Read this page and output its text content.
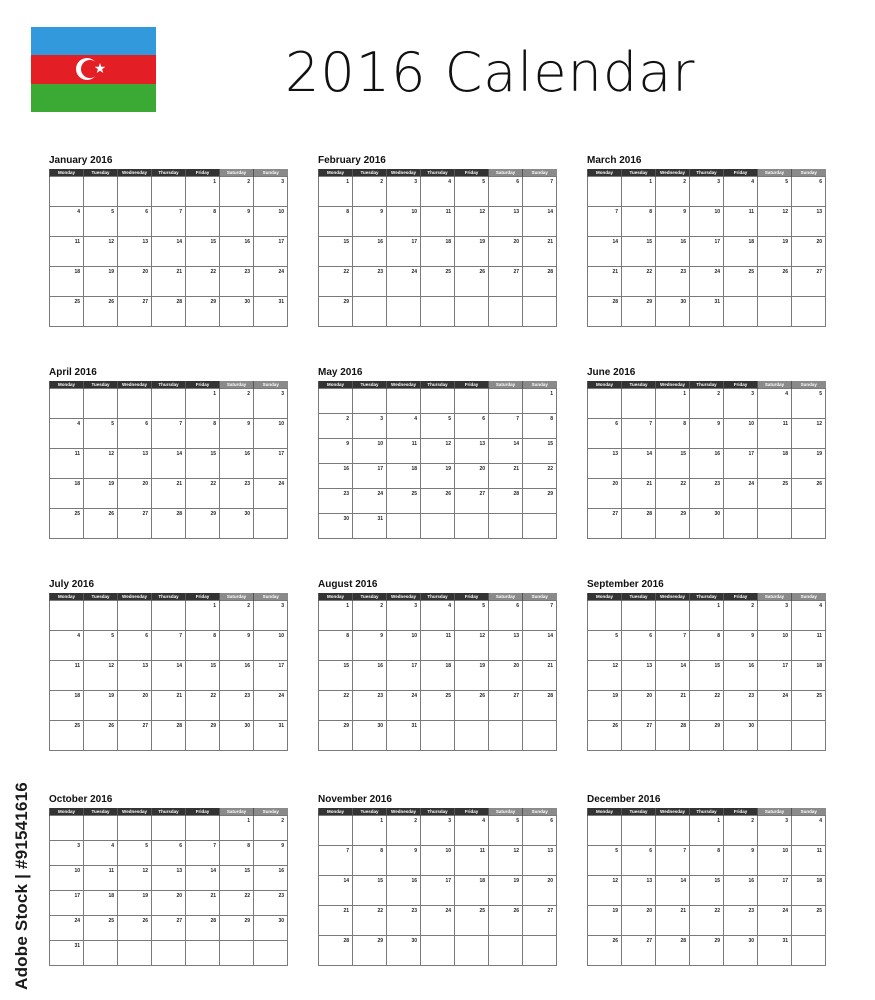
2016 Calendar
January 2016
Monday	Tuesday	Wednesday	Thursday	Friday	Saturday	Sunday
				1	2	3
4	5	6	7	8	9	10
11	12	13	14	15	16	17
18	19	20	21	22	23	24
25	26	27	28	29	30	31
February 2016
Monday	Tuesday	Wednesday	Thursday	Friday	Saturday	Sunday
1	2	3	4	5	6	7
8	9	10	11	12	13	14
15	16	17	18	19	20	21
22	23	24	25	26	27	28
29						
March 2016
Monday	Tuesday	Wednesday	Thursday	Friday	Saturday	Sunday
	1	2	3	4	5	6
7	8	9	10	11	12	13
14	15	16	17	18	19	20
21	22	23	24	25	26	27
28	29	30	31			
April 2016
Monday	Tuesday	Wednesday	Thursday	Friday	Saturday	Sunday
				1	2	3
4	5	6	7	8	9	10
11	12	13	14	15	16	17
18	19	20	21	22	23	24
25	26	27	28	29	30	
May 2016
Monday	Tuesday	Wednesday	Thursday	Friday	Saturday	Sunday
						1
2	3	4	5	6	7	8
9	10	11	12	13	14	15
16	17	18	19	20	21	22
23	24	25	26	27	28	29
30	31					
June 2016
Monday	Tuesday	Wednesday	Thursday	Friday	Saturday	Sunday
		1	2	3	4	5
6	7	8	9	10	11	12
13	14	15	16	17	18	19
20	21	22	23	24	25	26
27	28	29	30			
July 2016
Monday	Tuesday	Wednesday	Thursday	Friday	Saturday	Sunday
				1	2	3
4	5	6	7	8	9	10
11	12	13	14	15	16	17
18	19	20	21	22	23	24
25	26	27	28	29	30	31
August 2016
Monday	Tuesday	Wednesday	Thursday	Friday	Saturday	Sunday
1	2	3	4	5	6	7
8	9	10	11	12	13	14
15	16	17	18	19	20	21
22	23	24	25	26	27	28
29	30	31				
September 2016
Monday	Tuesday	Wednesday	Thursday	Friday	Saturday	Sunday
			1	2	3	4
5	6	7	8	9	10	11
12	13	14	15	16	17	18
19	20	21	22	23	24	25
26	27	28	29	30		
October 2016
Monday	Tuesday	Wednesday	Thursday	Friday	Saturday	Sunday
					1	2
3	4	5	6	7	8	9
10	11	12	13	14	15	16
17	18	19	20	21	22	23
24	25	26	27	28	29	30
31						
November 2016
Monday	Tuesday	Wednesday	Thursday	Friday	Saturday	Sunday
	1	2	3	4	5	6
7	8	9	10	11	12	13
14	15	16	17	18	19	20
21	22	23	24	25	26	27
28	29	30				
December 2016
Monday	Tuesday	Wednesday	Thursday	Friday	Saturday	Sunday
			1	2	3	4
5	6	7	8	9	10	11
12	13	14	15	16	17	18
19	20	21	22	23	24	25
26	27	28	29	30	31	
Adobe Stock | #91541616
